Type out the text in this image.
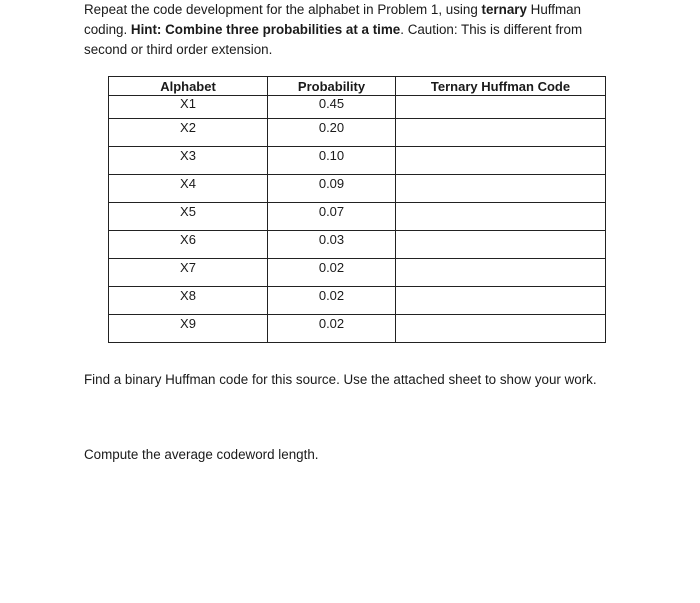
Repeat the code development for the alphabet in Problem 1, using ternary Huffman coding. Hint: Combine three probabilities at a time. Caution: This is different from second or third order extension.

Alphabet	Probability	Ternary Huffman Code
X1	0.45	
X2	0.20	
X3	0.10	
X4	0.09	
X5	0.07	
X6	0.03	
X7	0.02	
X8	0.02	
X9	0.02	

Find a binary Huffman code for this source. Use the attached sheet to show your work.

Compute the average codeword length.
